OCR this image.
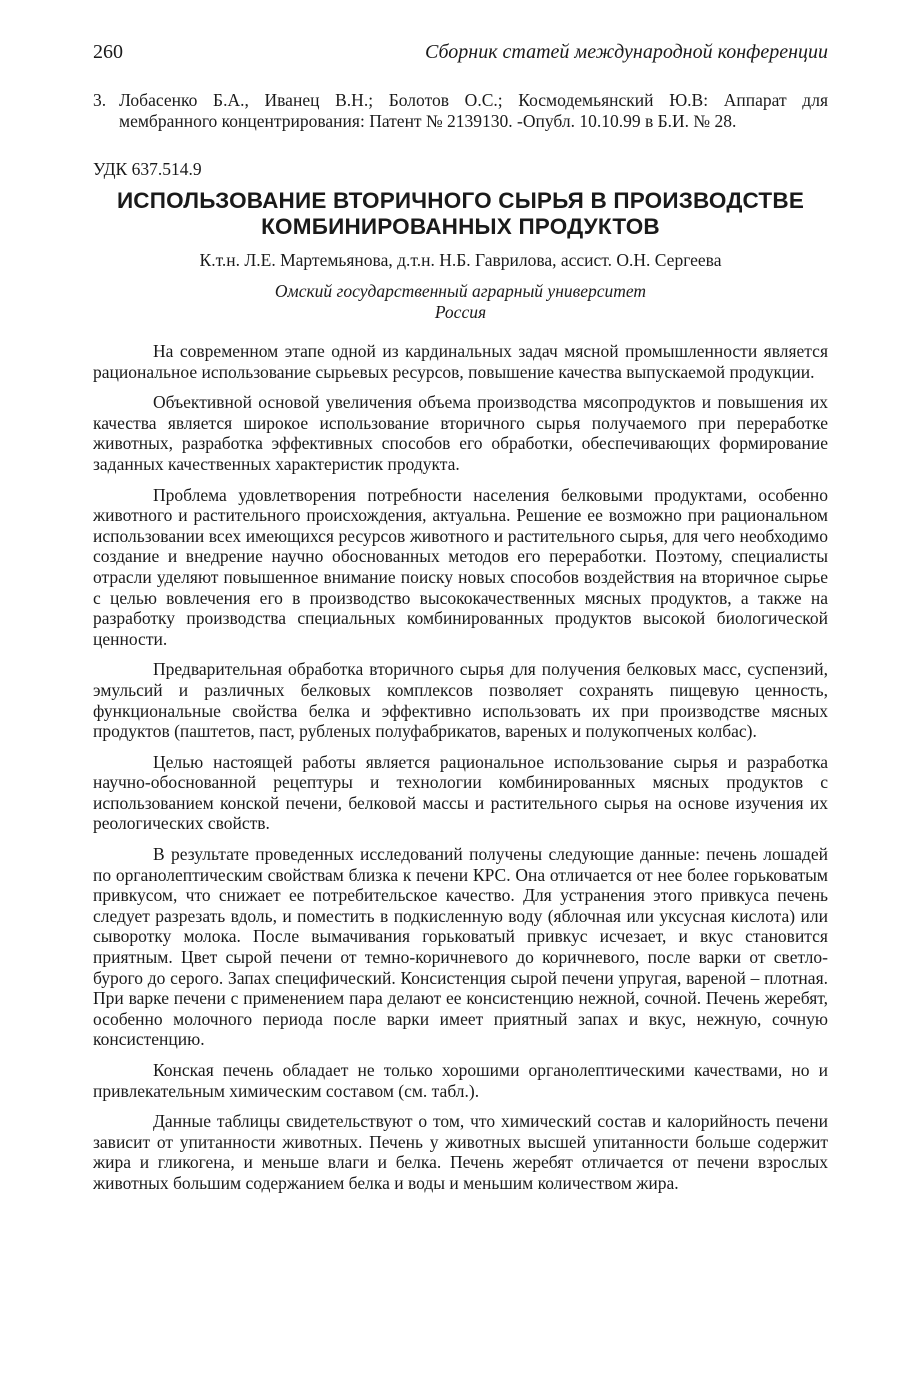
260	Сборник статей международной конференции
3. Лобасенко Б.А., Иванец В.Н.; Болотов О.С.; Космодемьянский Ю.В: Аппарат для мембранного концентрирования: Патент № 2139130. -Опубл. 10.10.99 в Б.И. № 28.
УДК 637.514.9
ИСПОЛЬЗОВАНИЕ ВТОРИЧНОГО СЫРЬЯ В ПРОИЗВОДСТВЕ
КОМБИНИРОВАННЫХ ПРОДУКТОВ
К.т.н. Л.Е. Мартемьянова, д.т.н. Н.Б. Гаврилова, ассист. О.Н. Сергеева
Омский государственный аграрный университет
Россия

На современном этапе одной из кардинальных задач мясной промышленности является рациональное использование сырьевых ресурсов, повышение качества выпускаемой продукции.

Объективной основой увеличения объема производства мясопродуктов и повышения их качества является широкое использование вторичного сырья получаемого при переработке животных, разработка эффективных способов его обработки, обеспечивающих формирование заданных качественных характеристик продукта.

Проблема удовлетворения потребности населения белковыми продуктами, особенно животного и растительного происхождения, актуальна. Решение ее возможно при рациональном использовании всех имеющихся ресурсов животного и растительного сырья, для чего необходимо создание и внедрение научно обоснованных методов его переработки. Поэтому, специалисты отрасли уделяют повышенное внимание поиску новых способов воздействия на вторичное сырье с целью вовлечения его в производство высококачественных мясных продуктов, а также на разработку производства специальных комбинированных продуктов высокой биологической ценности.

Предварительная обработка вторичного сырья для получения белковых масс, суспензий, эмульсий и различных белковых комплексов позволяет сохранять пищевую ценность, функциональные свойства белка и эффективно использовать их при производстве мясных продуктов (паштетов, паст, рубленых полуфабрикатов, вареных и полукопченых колбас).

Целью настоящей работы является рациональное использование сырья и разработка научно-обоснованной рецептуры и технологии комбинированных мясных продуктов с использованием конской печени, белковой массы и растительного сырья на основе изучения их реологических свойств.

В результате проведенных исследований получены следующие данные: печень лошадей по органолептическим свойствам близка к печени КРС. Она отличается от нее более горьковатым привкусом, что снижает ее потребительское качество. Для устранения этого привкуса печень следует разрезать вдоль, и поместить в подкисленную воду (яблочная или уксусная кислота) или сыворотку молока. После вымачивания горьковатый привкус исчезает, и вкус становится приятным. Цвет сырой печени от темно-коричневого до коричневого, после варки от светло-бурого до серого. Запах специфический. Консистенция сырой печени упругая, вареной – плотная. При варке печени с применением пара делают ее консистенцию нежной, сочной. Печень жеребят, особенно молочного периода после варки имеет приятный запах и вкус, нежную, сочную консистенцию.

Конская печень обладает не только хорошими органолептическими качествами, но и привлекательным химическим составом (см. табл.).

Данные таблицы свидетельствуют о том, что химический состав и калорийность печени зависит от упитанности животных. Печень у животных высшей упитанности больше содержит жира и гликогена, и меньше влаги и белка. Печень жеребят отличается от печени взрослых животных большим содержанием белка и воды и меньшим количеством жира.
